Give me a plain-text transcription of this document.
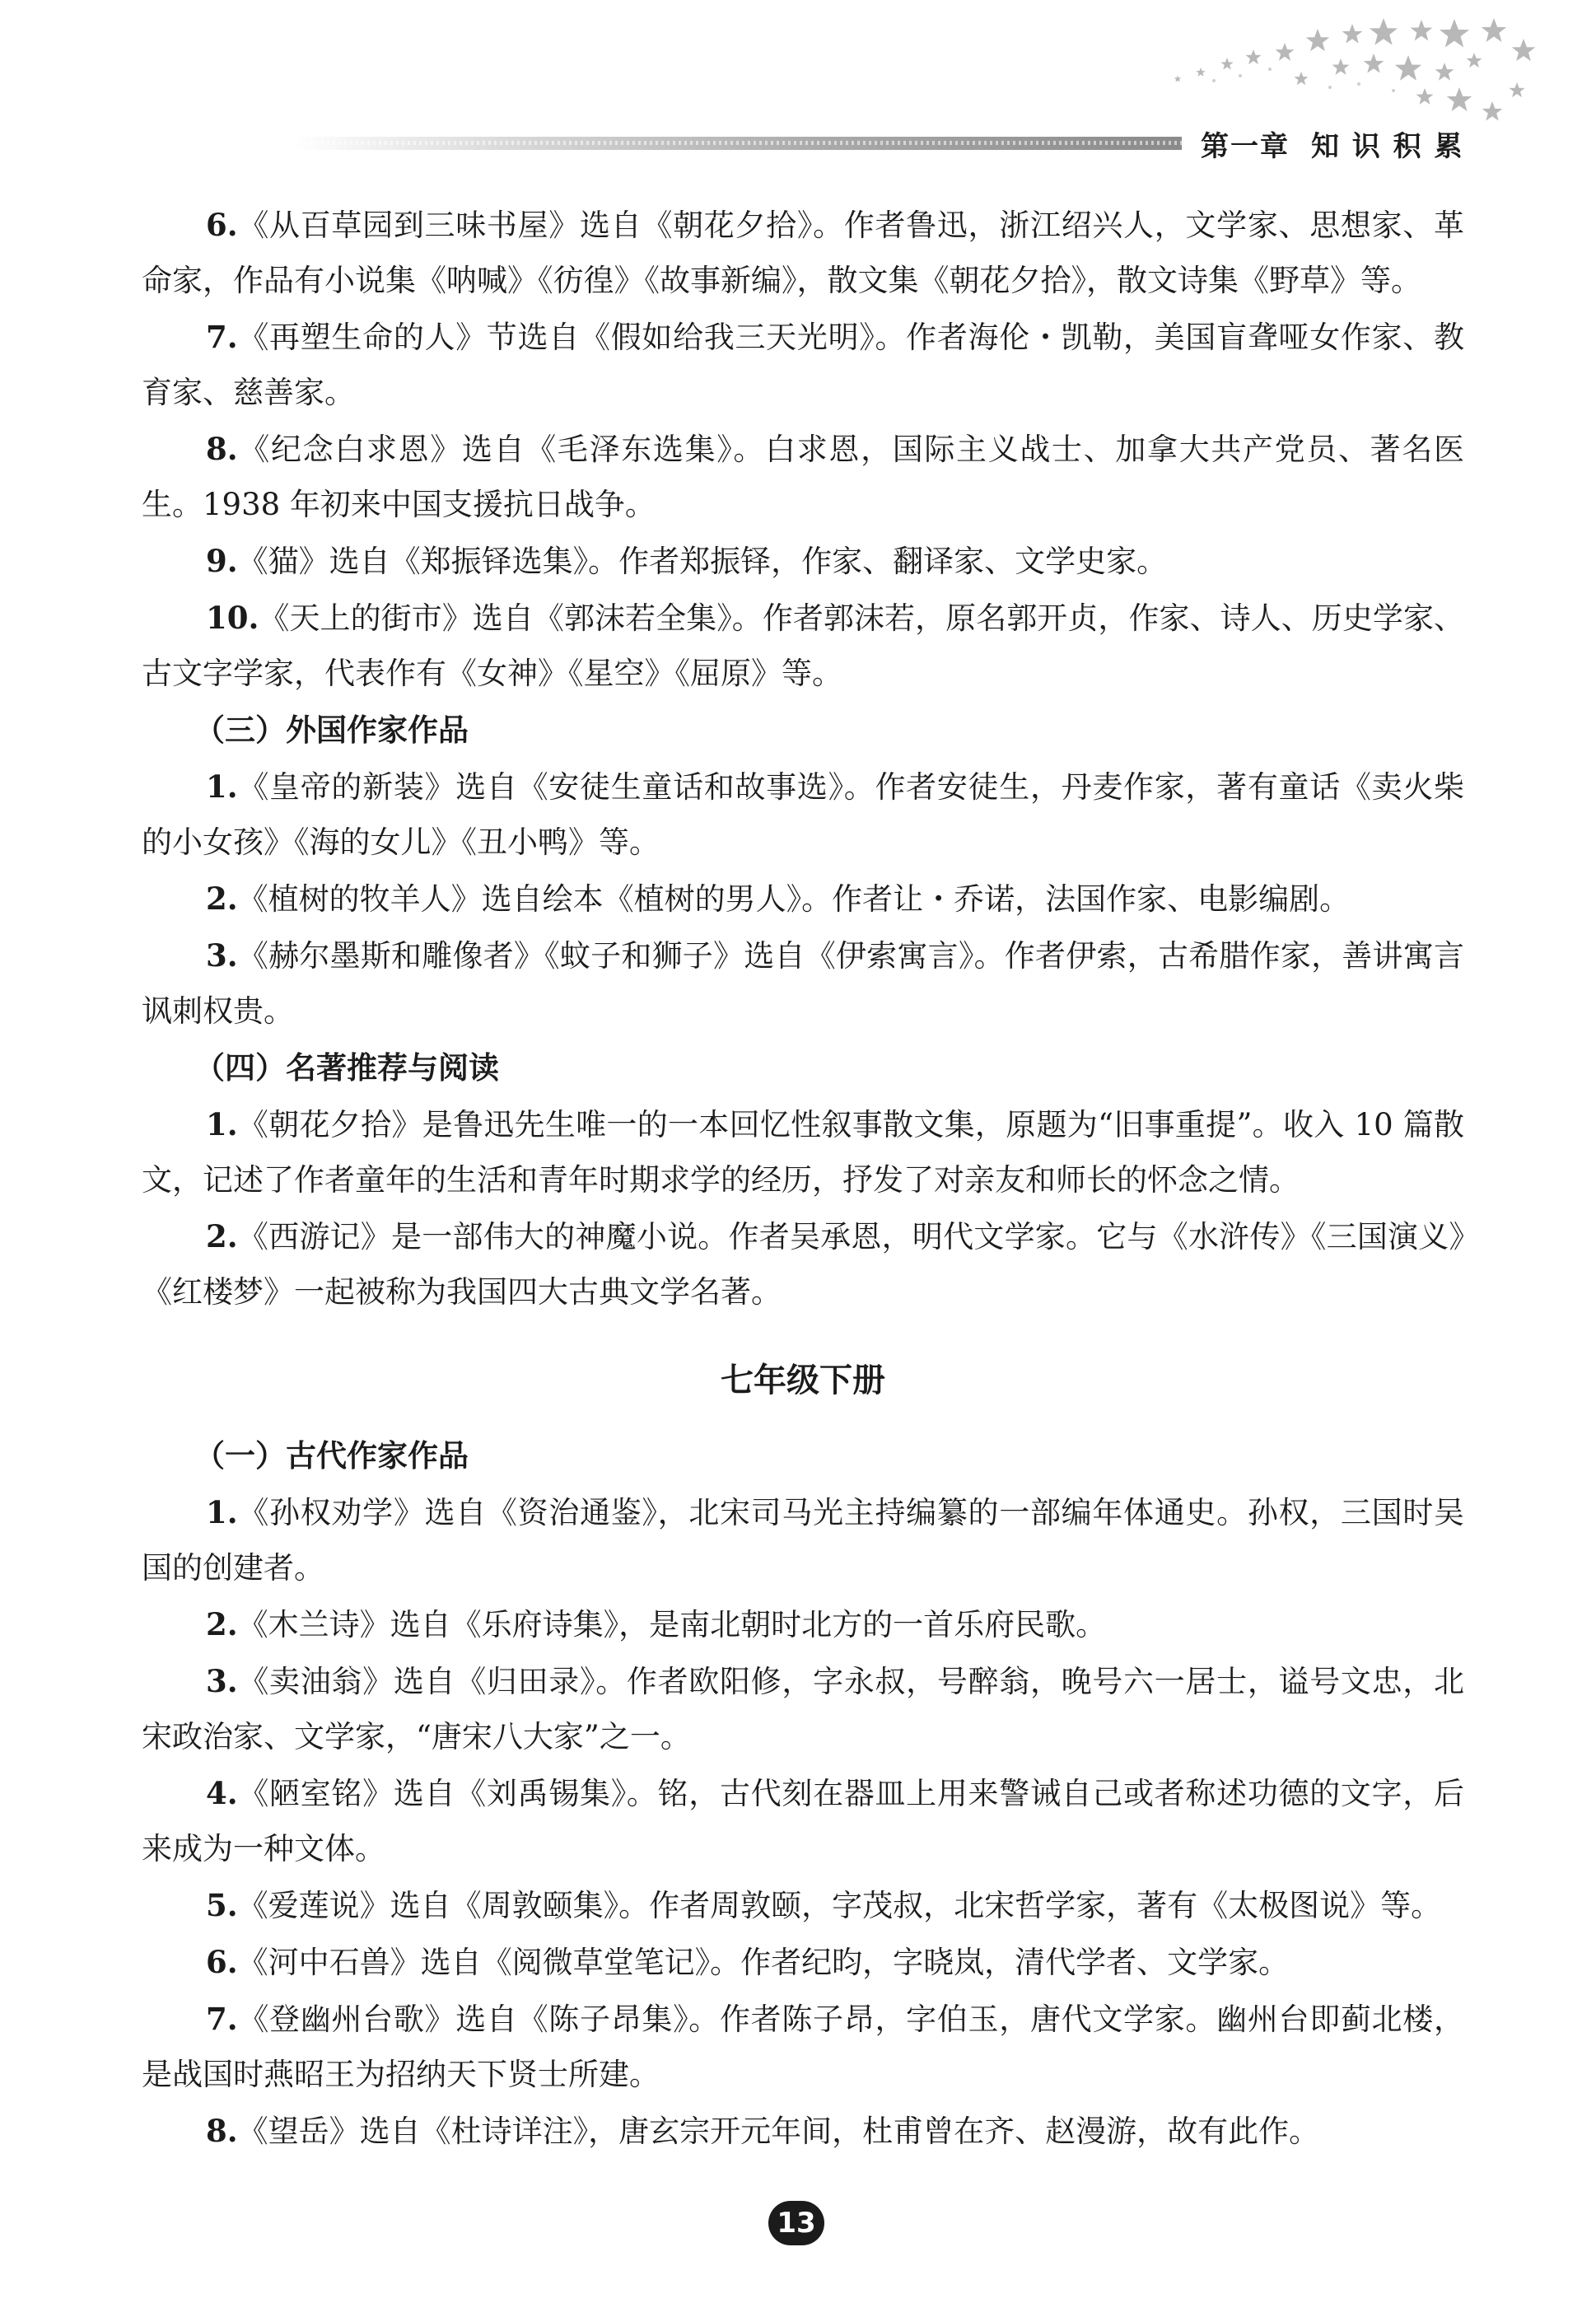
第一章 知 识 积 累

6.《从百草园到三味书屋》选自《朝花夕拾》。作者鲁迅，浙江绍兴人，文学家、思想家、革命家，作品有小说集《呐喊》《彷徨》《故事新编》，散文集《朝花夕拾》，散文诗集《野草》等。

7.《再塑生命的人》节选自《假如给我三天光明》。作者海伦・凯勒，美国盲聋哑女作家、教育家、慈善家。

8.《纪念白求恩》选自《毛泽东选集》。白求恩，国际主义战士、加拿大共产党员、著名医生。1938 年初来中国支援抗日战争。

9.《猫》选自《郑振铎选集》。作者郑振铎，作家、翻译家、文学史家。

10.《天上的街市》选自《郭沫若全集》。作者郭沫若，原名郭开贞，作家、诗人、历史学家、古文字学家，代表作有《女神》《星空》《屈原》等。

（三）外国作家作品

1.《皇帝的新装》选自《安徒生童话和故事选》。作者安徒生，丹麦作家，著有童话《卖火柴的小女孩》《海的女儿》《丑小鸭》等。

2.《植树的牧羊人》选自绘本《植树的男人》。作者让・乔诺，法国作家、电影编剧。

3.《赫尔墨斯和雕像者》《蚊子和狮子》选自《伊索寓言》。作者伊索，古希腊作家，善讲寓言讽刺权贵。

（四）名著推荐与阅读

1.《朝花夕拾》是鲁迅先生唯一的一本回忆性叙事散文集，原题为“旧事重提”。收入 10 篇散文，记述了作者童年的生活和青年时期求学的经历，抒发了对亲友和师长的怀念之情。

2.《西游记》是一部伟大的神魔小说。作者吴承恩，明代文学家。它与《水浒传》《三国演义》《红楼梦》一起被称为我国四大古典文学名著。

七年级下册
（一）古代作家作品

1.《孙权劝学》选自《资治通鉴》，北宋司马光主持编纂的一部编年体通史。孙权，三国时吴国的创建者。

2.《木兰诗》选自《乐府诗集》，是南北朝时北方的一首乐府民歌。

3.《卖油翁》选自《归田录》。作者欧阳修，字永叔，号醉翁，晚号六一居士，谥号文忠，北宋政治家、文学家，“唐宋八大家”之一。

4.《陋室铭》选自《刘禹锡集》。铭，古代刻在器皿上用来警诫自己或者称述功德的文字，后来成为一种文体。

5.《爱莲说》选自《周敦颐集》。作者周敦颐，字茂叔，北宋哲学家，著有《太极图说》等。

6.《河中石兽》选自《阅微草堂笔记》。作者纪昀，字晓岚，清代学者、文学家。

7.《登幽州台歌》选自《陈子昂集》。作者陈子昂，字伯玉，唐代文学家。幽州台即蓟北楼，是战国时燕昭王为招纳天下贤士所建。

8.《望岳》选自《杜诗详注》，唐玄宗开元年间，杜甫曾在齐、赵漫游，故有此作。

13
